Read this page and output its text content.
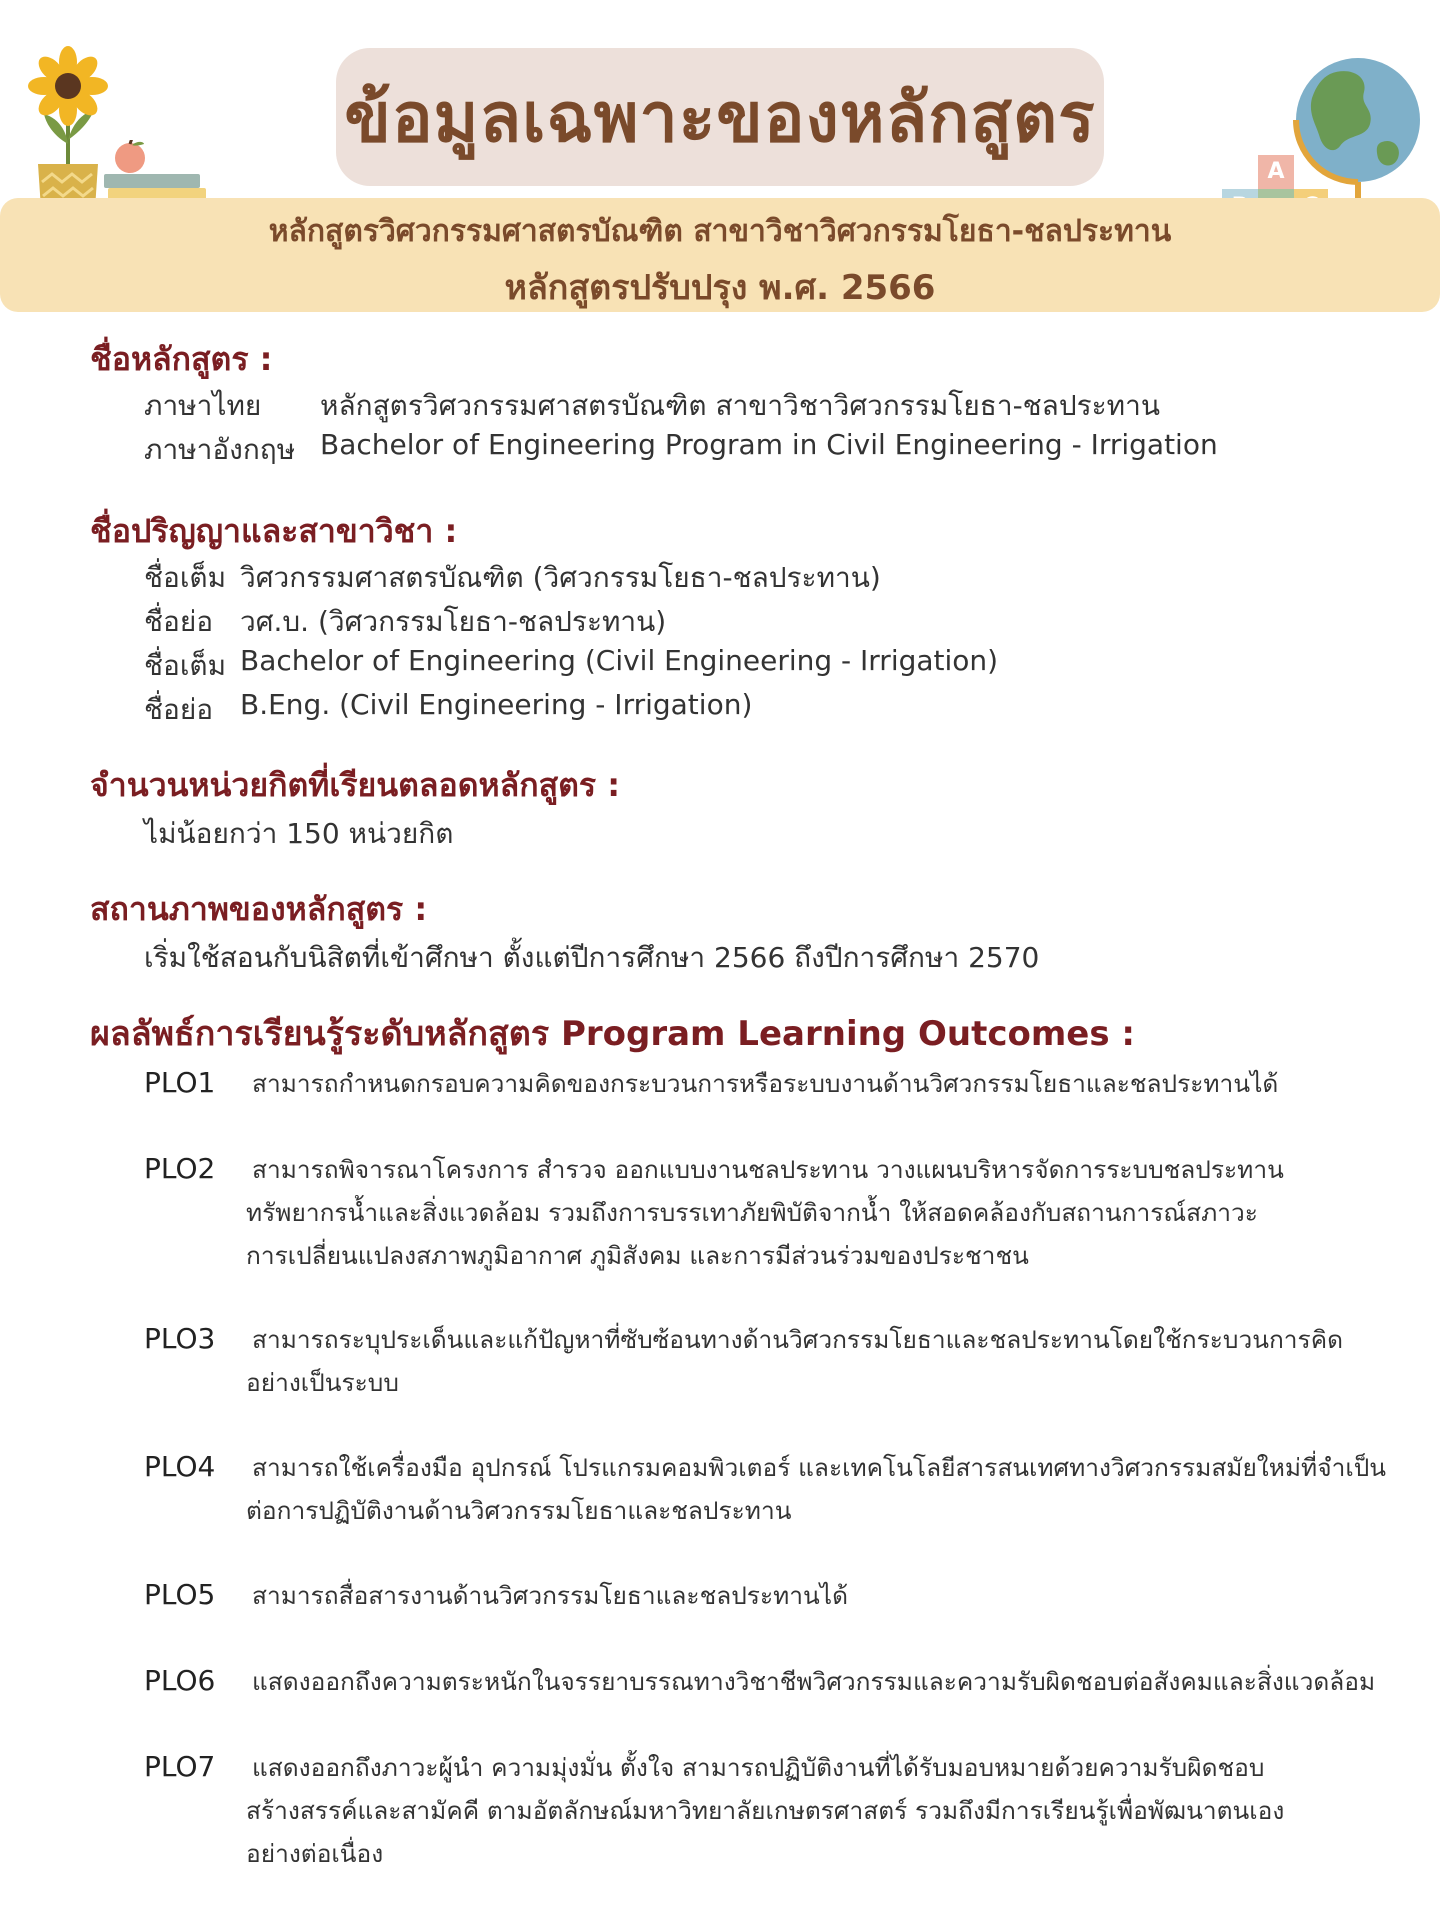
A
ข้อมูลเฉพาะของหลักสูตร
หลักสูตรวิศวกรรมศาสตรบัณฑิต สาขาวิชาวิศวกรรมโยธา-ชลประทาน
หลักสูตรปรับปรุง พ.ศ. 2566
ชื่อหลักสูตร :
ภาษาไทย หลักสูตรวิศวกรรมศาสตรบัณฑิต สาขาวิชาวิศวกรรมโยธา-ชลประทาน
ภาษาอังกฤษ Bachelor of Engineering Program in Civil Engineering - Irrigation
ชื่อปริญญาและสาขาวิชา :
ชื่อเต็ม วิศวกรรมศาสตรบัณฑิต (วิศวกรรมโยธา-ชลประทาน)
ชื่อย่อ วศ.บ. (วิศวกรรมโยธา-ชลประทาน)
ชื่อเต็ม Bachelor of Engineering (Civil Engineering - Irrigation)
ชื่อย่อ B.Eng. (Civil Engineering - Irrigation)
จำนวนหน่วยกิตที่เรียนตลอดหลักสูตร :
ไม่น้อยกว่า 150 หน่วยกิต
สถานภาพของหลักสูตร :
เริ่มใช้สอนกับนิสิตที่เข้าศึกษา ตั้งแต่ปีการศึกษา 2566 ถึงปีการศึกษา 2570
ผลลัพธ์การเรียนรู้ระดับหลักสูตร Program Learning Outcomes :
PLO1 สามารถกำหนดกรอบความคิดของกระบวนการหรือระบบงานด้านวิศวกรรมโยธาและชลประทานได้
PLO2 สามารถพิจารณาโครงการ สำรวจ ออกแบบงานชลประทาน วางแผนบริหารจัดการระบบชลประทาน
ทรัพยากรน้ำและสิ่งแวดล้อม รวมถึงการบรรเทาภัยพิบัติจากน้ำ ให้สอดคล้องกับสถานการณ์สภาวะ
การเปลี่ยนแปลงสภาพภูมิอากาศ ภูมิสังคม และการมีส่วนร่วมของประชาชน
PLO3 สามารถระบุประเด็นและแก้ปัญหาที่ซับซ้อนทางด้านวิศวกรรมโยธาและชลประทานโดยใช้กระบวนการคิด
อย่างเป็นระบบ
PLO4 สามารถใช้เครื่องมือ อุปกรณ์ โปรแกรมคอมพิวเตอร์ และเทคโนโลยีสารสนเทศทางวิศวกรรมสมัยใหม่ที่จำเป็น
ต่อการปฏิบัติงานด้านวิศวกรรมโยธาและชลประทาน
PLO5 สามารถสื่อสารงานด้านวิศวกรรมโยธาและชลประทานได้
PLO6 แสดงออกถึงความตระหนักในจรรยาบรรณทางวิชาชีพวิศวกรรมและความรับผิดชอบต่อสังคมและสิ่งแวดล้อม
PLO7 แสดงออกถึงภาวะผู้นำ ความมุ่งมั่น ตั้งใจ สามารถปฏิบัติงานที่ได้รับมอบหมายด้วยความรับผิดชอบ
สร้างสรรค์และสามัคคี ตามอัตลักษณ์มหาวิทยาลัยเกษตรศาสตร์ รวมถึงมีการเรียนรู้เพื่อพัฒนาตนเอง
อย่างต่อเนื่อง
